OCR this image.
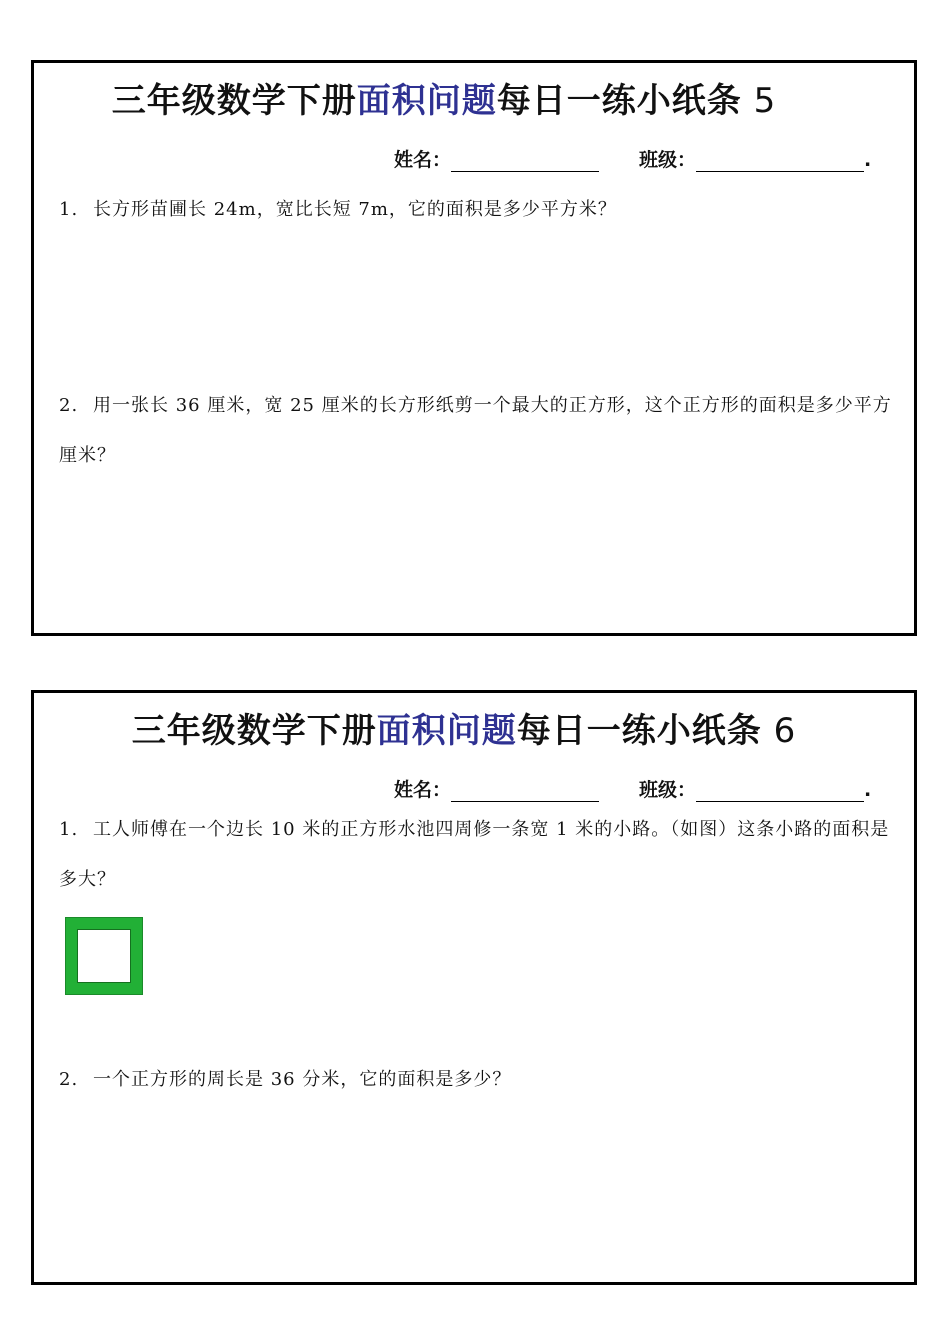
三年级数学下册面积问题每日一练小纸条 5
姓名：	班级：	.
1. 长方形苗圃长 24m，宽比长短 7m，它的面积是多少平方米？
2. 用一张长 36 厘米，宽 25 厘米的长方形纸剪一个最大的正方形，这个正方形的面积是多少平方厘米？
三年级数学下册面积问题每日一练小纸条 6
姓名：	班级：	.
1. 工人师傅在一个边长 10 米的正方形水池四周修一条宽 1 米的小路。（如图）这条小路的面积是多大？
2. 一个正方形的周长是 36 分米，它的面积是多少？
